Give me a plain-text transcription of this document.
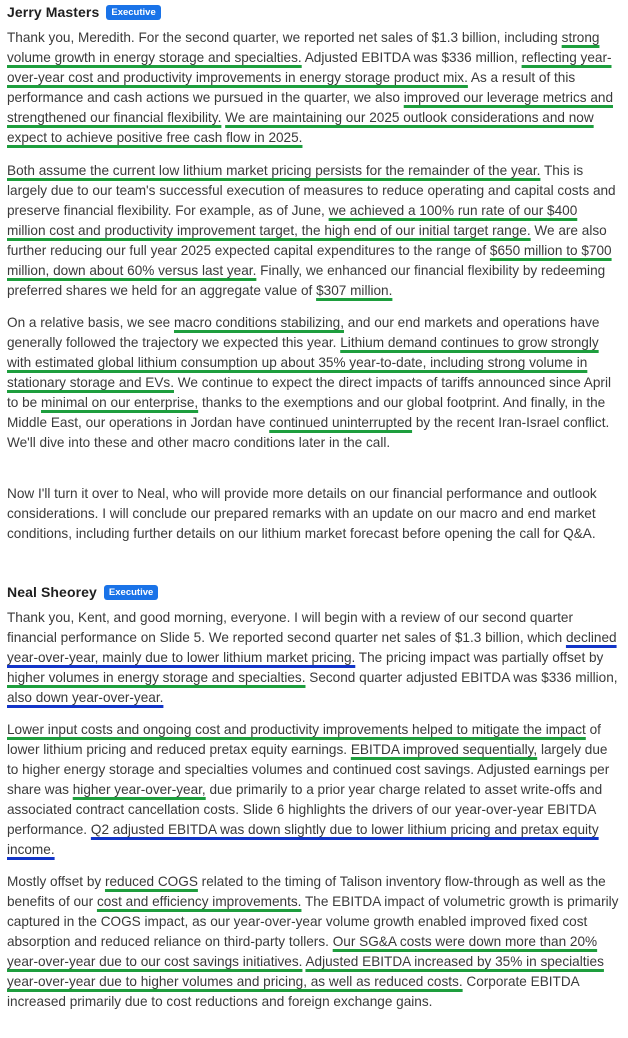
Jerry Masters	Executive

Thank you, Meredith. For the second quarter, we reported net sales of $1.3 billion, including strong volume growth in energy storage and specialties. Adjusted EBITDA was $336 million, reflecting year-over-year cost and productivity improvements in energy storage product mix. As a result of this performance and cash actions we pursued in the quarter, we also improved our leverage metrics and strengthened our financial flexibility. We are maintaining our 2025 outlook considerations and now expect to achieve positive free cash flow in 2025.

Both assume the current low lithium market pricing persists for the remainder of the year. This is largely due to our team's successful execution of measures to reduce operating and capital costs and preserve financial flexibility. For example, as of June, we achieved a 100% run rate of our $400 million cost and productivity improvement target, the high end of our initial target range. We are also further reducing our full year 2025 expected capital expenditures to the range of $650 million to $700 million, down about 60% versus last year. Finally, we enhanced our financial flexibility by redeeming preferred shares we held for an aggregate value of $307 million.

On a relative basis, we see macro conditions stabilizing, and our end markets and operations have generally followed the trajectory we expected this year. Lithium demand continues to grow strongly with estimated global lithium consumption up about 35% year-to-date, including strong volume in stationary storage and EVs. We continue to expect the direct impacts of tariffs announced since April to be minimal on our enterprise, thanks to the exemptions and our global footprint. And finally, in the Middle East, our operations in Jordan have continued uninterrupted by the recent Iran-Israel conflict. We'll dive into these and other macro conditions later in the call.

Now I'll turn it over to Neal, who will provide more details on our financial performance and outlook considerations. I will conclude our prepared remarks with an update on our macro and end market conditions, including further details on our lithium market forecast before opening the call for Q&A.

Neal Sheorey	Executive

Thank you, Kent, and good morning, everyone. I will begin with a review of our second quarter financial performance on Slide 5. We reported second quarter net sales of $1.3 billion, which declined year-over-year, mainly due to lower lithium market pricing. The pricing impact was partially offset by higher volumes in energy storage and specialties. Second quarter adjusted EBITDA was $336 million, also down year-over-year.

Lower input costs and ongoing cost and productivity improvements helped to mitigate the impact of lower lithium pricing and reduced pretax equity earnings. EBITDA improved sequentially, largely due to higher energy storage and specialties volumes and continued cost savings. Adjusted earnings per share was higher year-over-year, due primarily to a prior year charge related to asset write-offs and associated contract cancellation costs. Slide 6 highlights the drivers of our year-over-year EBITDA performance. Q2 adjusted EBITDA was down slightly due to lower lithium pricing and pretax equity income.

Mostly offset by reduced COGS related to the timing of Talison inventory flow-through as well as the benefits of our cost and efficiency improvements. The EBITDA impact of volumetric growth is primarily captured in the COGS impact, as our year-over-year volume growth enabled improved fixed cost absorption and reduced reliance on third-party tollers. Our SG&A costs were down more than 20% year-over-year due to our cost savings initiatives. Adjusted EBITDA increased by 35% in specialties year-over-year due to higher volumes and pricing, as well as reduced costs. Corporate EBITDA increased primarily due to cost reductions and foreign exchange gains.
